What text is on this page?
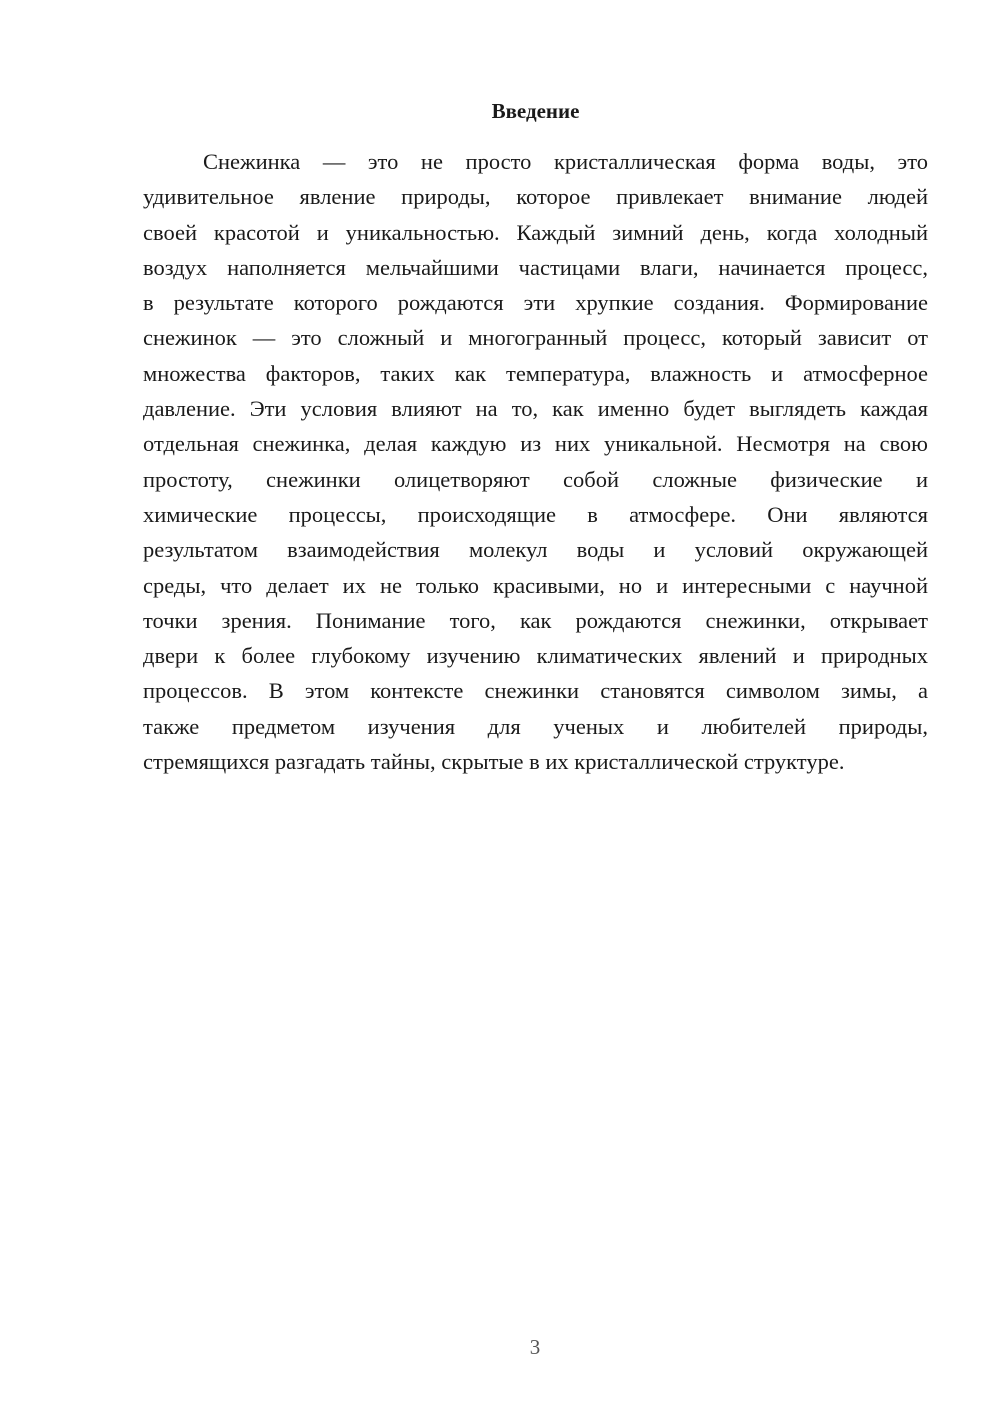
Введение

Снежинка — это не просто кристаллическая форма воды, это
удивительное явление природы, которое привлекает внимание людей
своей красотой и уникальностью. Каждый зимний день, когда холодный
воздух наполняется мельчайшими частицами влаги, начинается процесс,
в результате которого рождаются эти хрупкие создания. Формирование
снежинок — это сложный и многогранный процесс, который зависит от
множества факторов, таких как температура, влажность и атмосферное
давление. Эти условия влияют на то, как именно будет выглядеть каждая
отдельная снежинка, делая каждую из них уникальной. Несмотря на свою
простоту, снежинки олицетворяют собой сложные физические и
химические процессы, происходящие в атмосфере. Они являются
результатом взаимодействия молекул воды и условий окружающей
среды, что делает их не только красивыми, но и интересными с научной
точки зрения. Понимание того, как рождаются снежинки, открывает
двери к более глубокому изучению климатических явлений и природных
процессов. В этом контексте снежинки становятся символом зимы, а
также предметом изучения для ученых и любителей природы,
стремящихся разгадать тайны, скрытые в их кристаллической структуре.

3
